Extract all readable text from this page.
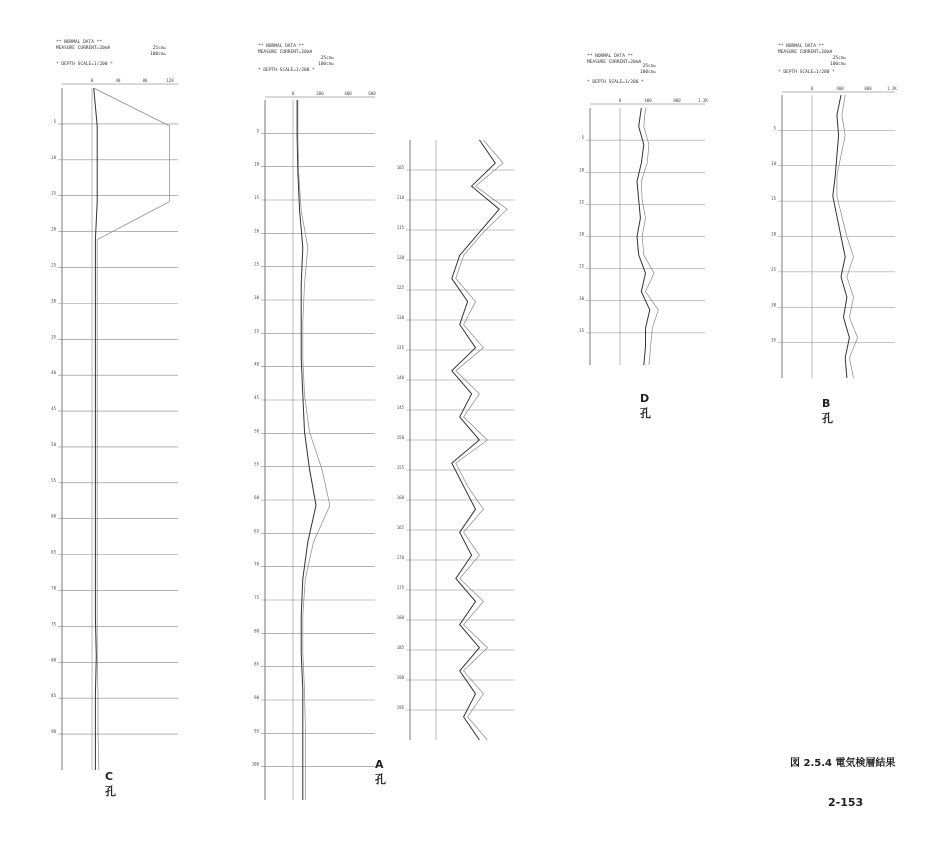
** NORMAL DATA **
MEASURE CURRENT=20mA	25cm=
100cm=
* DEPTH SCALE=1/200 *
0	40	80	120
5
10
15
20
25
30
35
40
45
50
55
60
65
70
75
80
85
90
C孔
** NORMAL DATA **
MEASURE CURRENT=20mA
25cm=
100cm=
* DEPTH SCALE=1/200 *
0	200	400	600
5
10
15
20
25
30
35
40
45
50
55
60
65
70
75
80
85
90
95
100	A孔
105
110
115
120
125
130
135
140
145
150
155
160
165
170
175
180
185
190
195
** NORMAL DATA **
MEASURE CURRENT=20mA
25cm=
100cm=
* DEPTH SCALE=1/200 *
0	400	800	1.2K
5
10
15
20
25
30
35
D孔
** NORMAL DATA **
MEASURE CURRENT=20mA
25cm=
100cm=
* DEPTH SCALE=1/200 *
0	400	800	1.2K
5
10
15
20
25
30
35
B孔
図 2.5.4 電気検層結果
2-153
